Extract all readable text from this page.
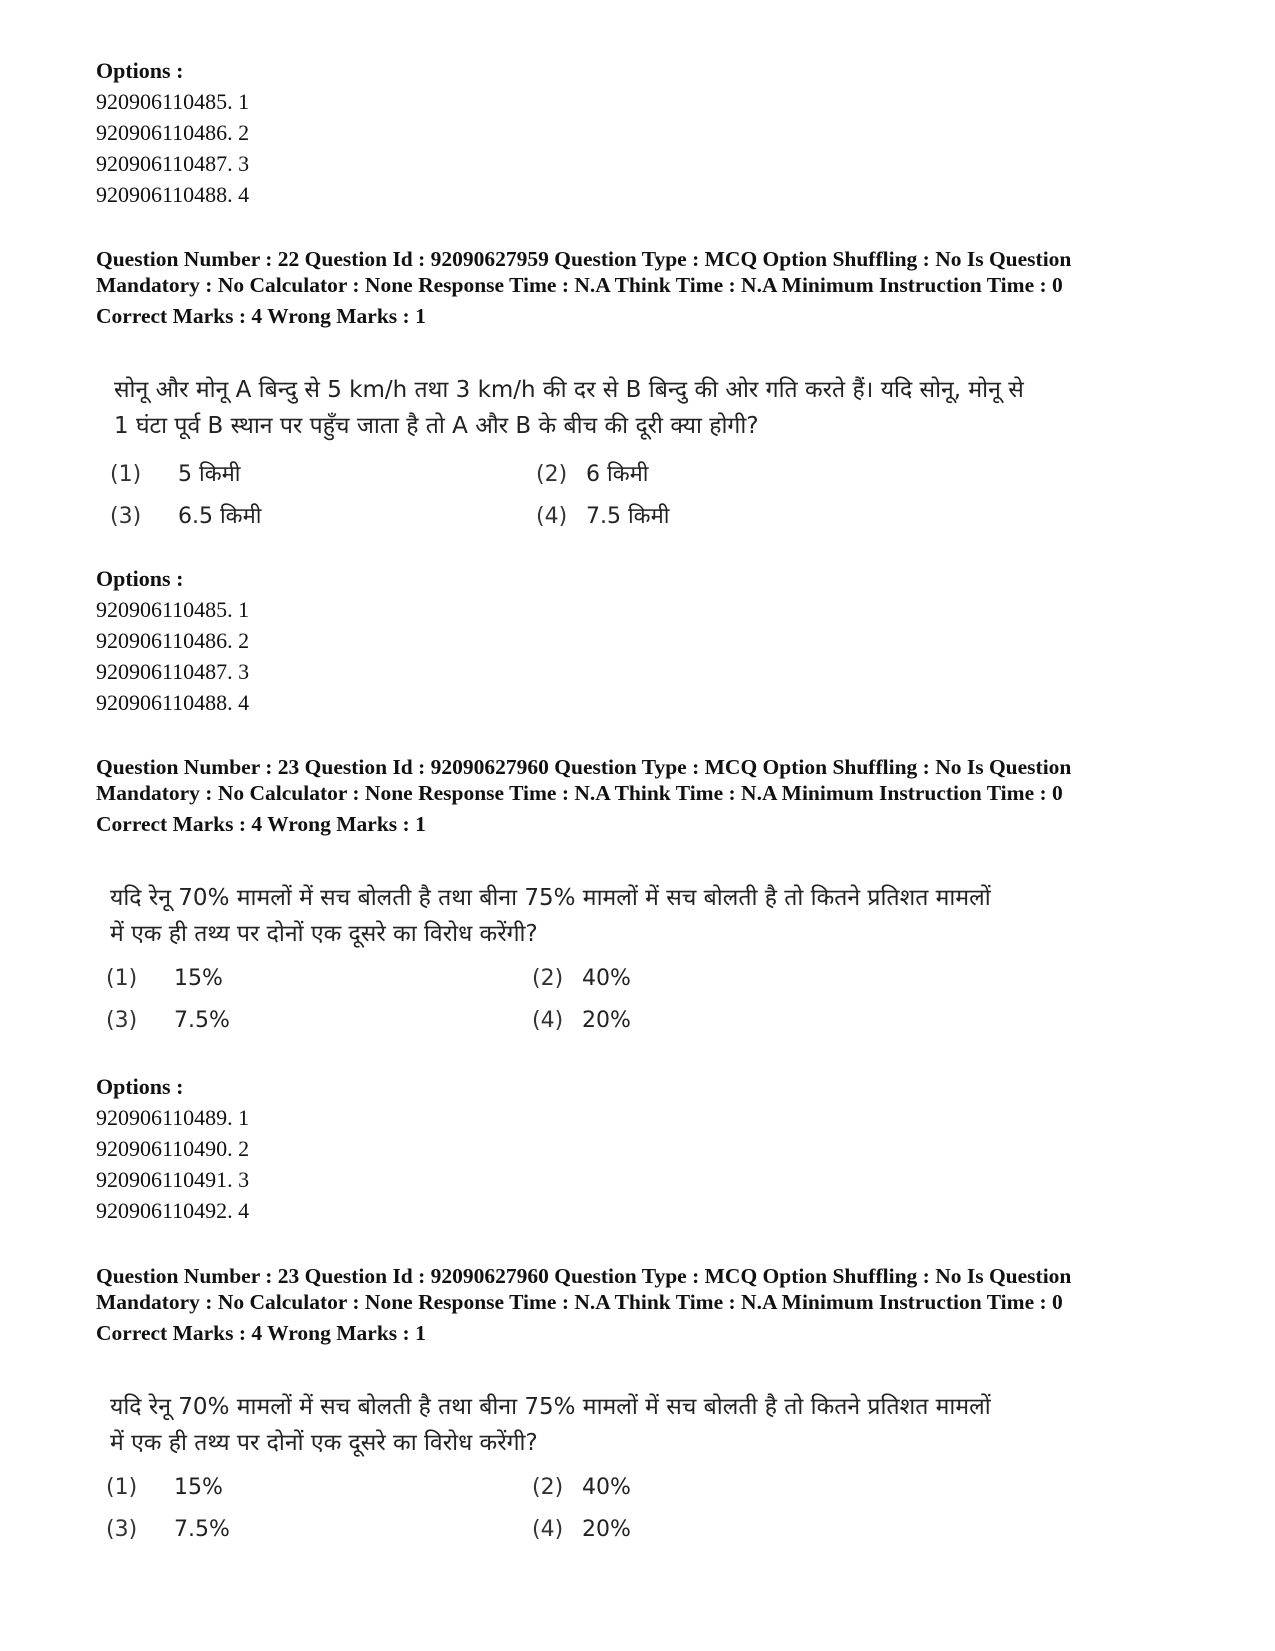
Options :
920906110485. 1
920906110486. 2
920906110487. 3
920906110488. 4
Question Number : 22 Question Id : 92090627959 Question Type : MCQ Option Shuffling : No Is Question
Mandatory : No Calculator : None Response Time : N.A Think Time : N.A Minimum Instruction Time : 0
Correct Marks : 4 Wrong Marks : 1
सोनू और मोनू A बिन्दु से 5 km/h तथा 3 km/h की दर से B बिन्दु की ओर गति करते हैं। यदि सोनू, मोनू से
1 घंटा पूर्व B स्थान पर पहुँच जाता है तो A और B के बीच की दूरी क्या होगी?
(1) 5 किमी	(2) 6 किमी
(3) 6.5 किमी	(4) 7.5 किमी
Options :
920906110485. 1
920906110486. 2
920906110487. 3
920906110488. 4
Question Number : 23 Question Id : 92090627960 Question Type : MCQ Option Shuffling : No Is Question
Mandatory : No Calculator : None Response Time : N.A Think Time : N.A Minimum Instruction Time : 0
Correct Marks : 4 Wrong Marks : 1
यदि रेनू 70% मामलों में सच बोलती है तथा बीना 75% मामलों में सच बोलती है तो कितने प्रतिशत मामलों
में एक ही तथ्य पर दोनों एक दूसरे का विरोध करेंगी?
(1) 15%	(2) 40%
(3) 7.5%	(4) 20%
Options :
920906110489. 1
920906110490. 2
920906110491. 3
920906110492. 4
Question Number : 23 Question Id : 92090627960 Question Type : MCQ Option Shuffling : No Is Question
Mandatory : No Calculator : None Response Time : N.A Think Time : N.A Minimum Instruction Time : 0
Correct Marks : 4 Wrong Marks : 1
यदि रेनू 70% मामलों में सच बोलती है तथा बीना 75% मामलों में सच बोलती है तो कितने प्रतिशत मामलों
में एक ही तथ्य पर दोनों एक दूसरे का विरोध करेंगी?
(1) 15%	(2) 40%
(3) 7.5%	(4) 20%
